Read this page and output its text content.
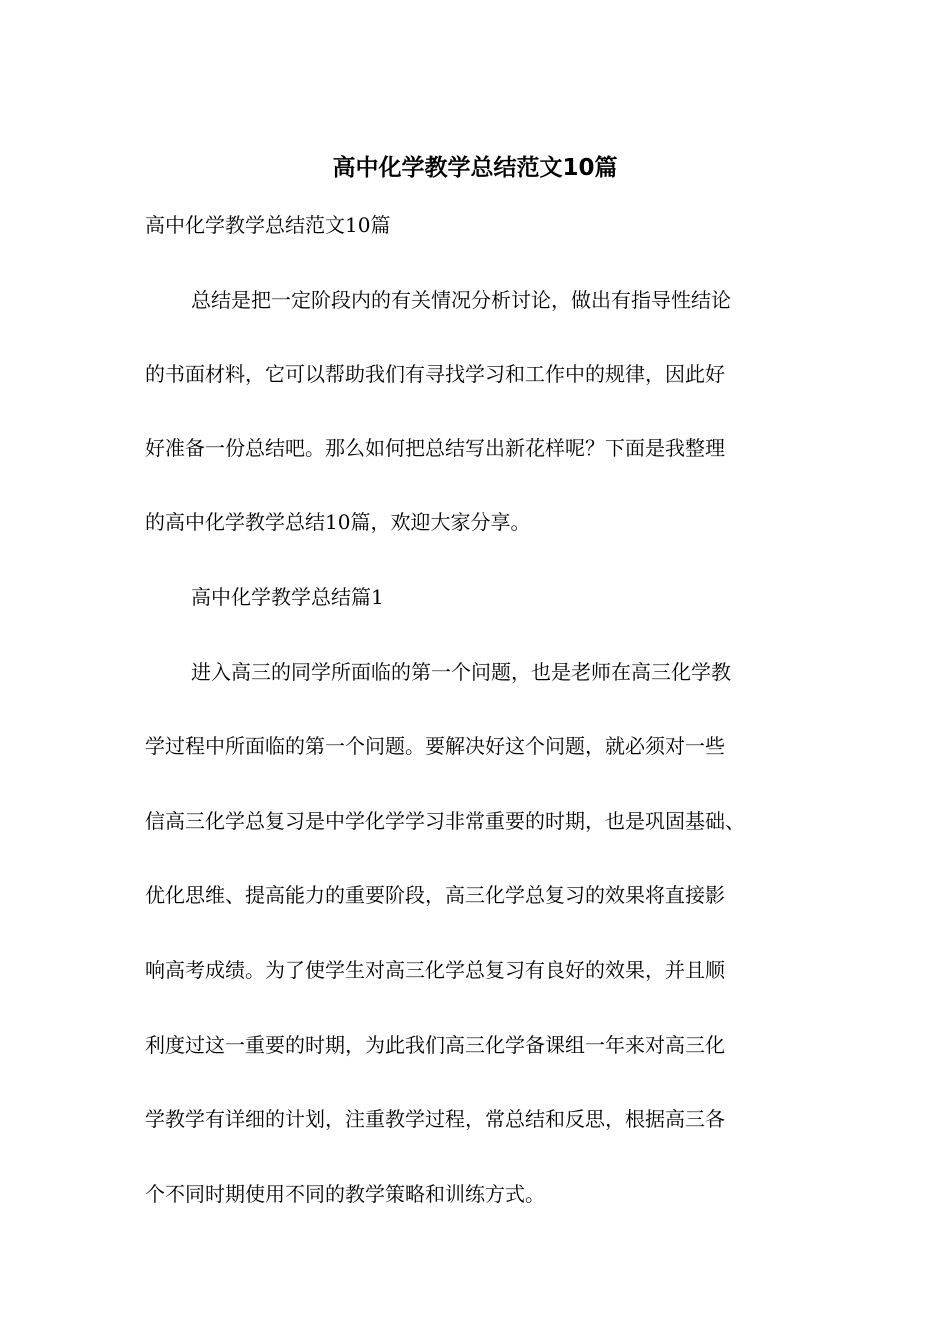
高中化学教学总结范文10篇

高中化学教学总结范文10篇

总结是把一定阶段内的有关情况分析讨论，做出有指导性结论

的书面材料，它可以帮助我们有寻找学习和工作中的规律，因此好

好准备一份总结吧。那么如何把总结写出新花样呢？下面是我整理

的高中化学教学总结10篇，欢迎大家分享。

高中化学教学总结篇1

进入高三的同学所面临的第一个问题，也是老师在高三化学教

学过程中所面临的第一个问题。要解决好这个问题，就必须对一些

信高三化学总复习是中学化学学习非常重要的时期，也是巩固基础、

优化思维、提高能力的重要阶段，高三化学总复习的效果将直接影

响高考成绩。为了使学生对高三化学总复习有良好的效果，并且顺

利度过这一重要的时期，为此我们高三化学备课组一年来对高三化

学教学有详细的计划，注重教学过程，常总结和反思，根据高三各

个不同时期使用不同的教学策略和训练方式。
